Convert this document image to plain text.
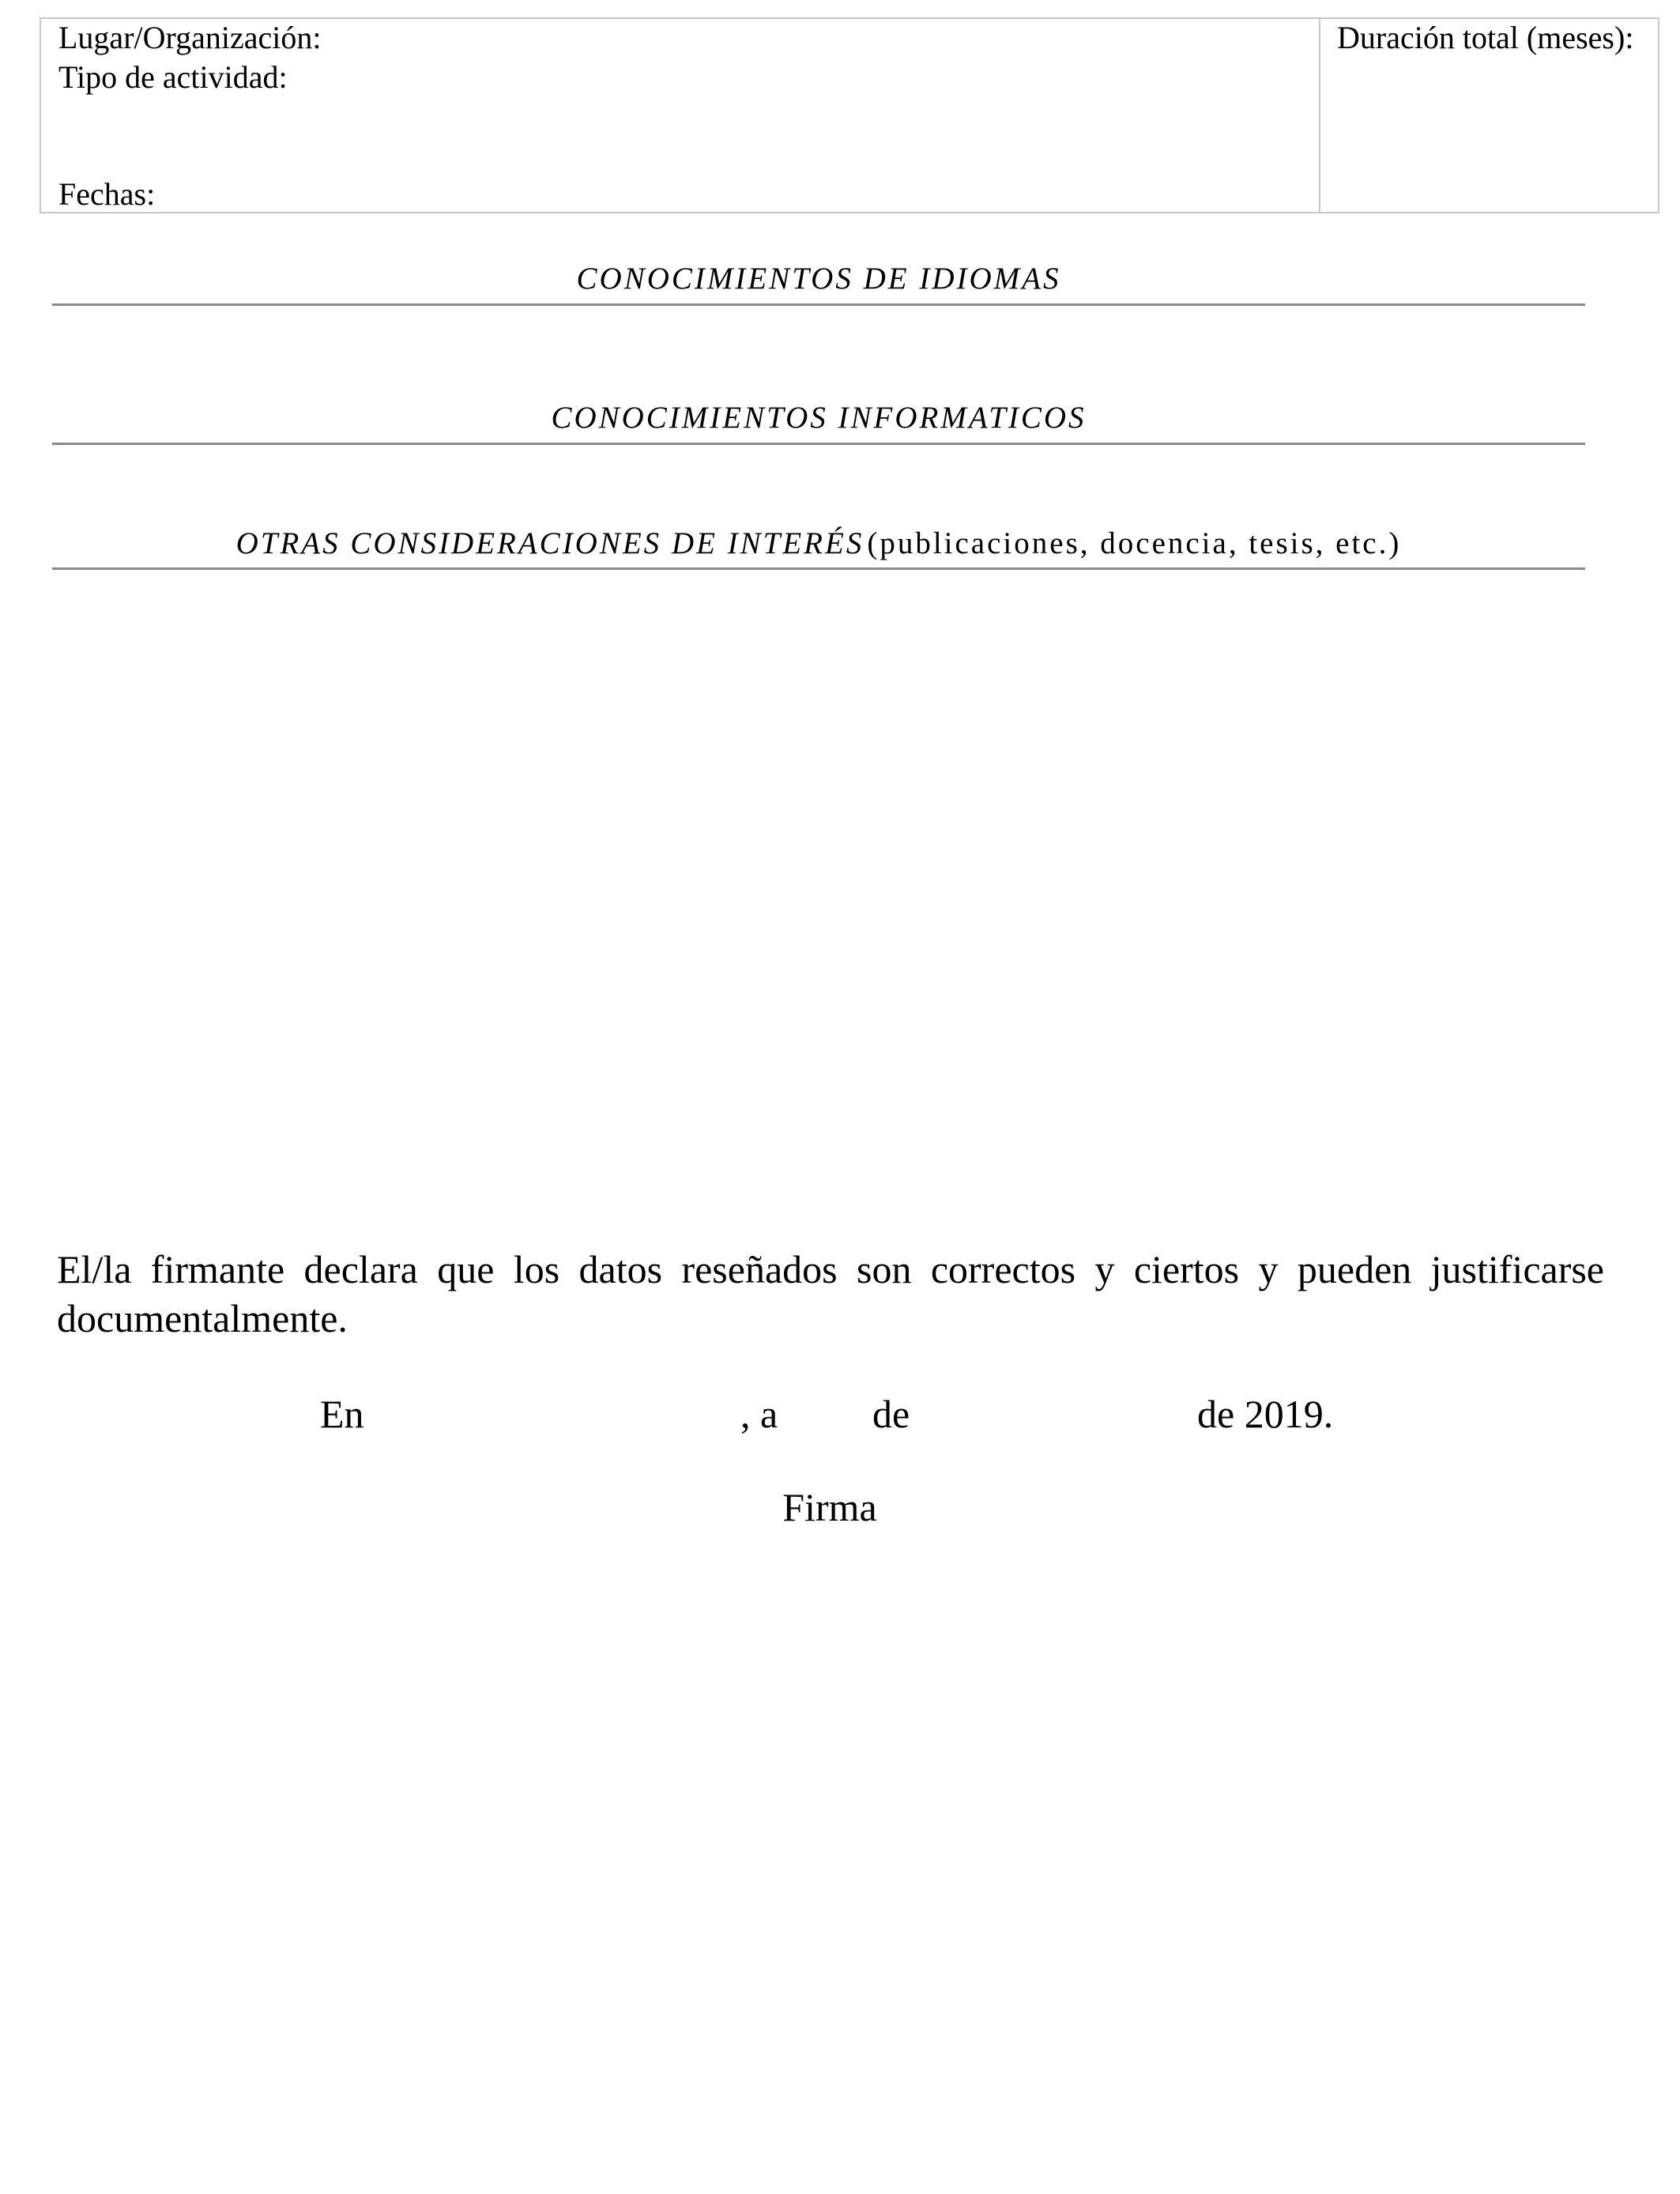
Lugar/Organización:
Tipo de actividad:
Fechas:
Duración total (meses):
CONOCIMIENTOS DE IDIOMAS
CONOCIMIENTOS INFORMATICOS
OTRAS CONSIDERACIONES DE INTERÉS (publicaciones, docencia, tesis, etc.)
El/la firmante declara que los datos reseñados son correctos y ciertos y pueden justificarse documentalmente.
En	, a de	de 2019.
Firma
